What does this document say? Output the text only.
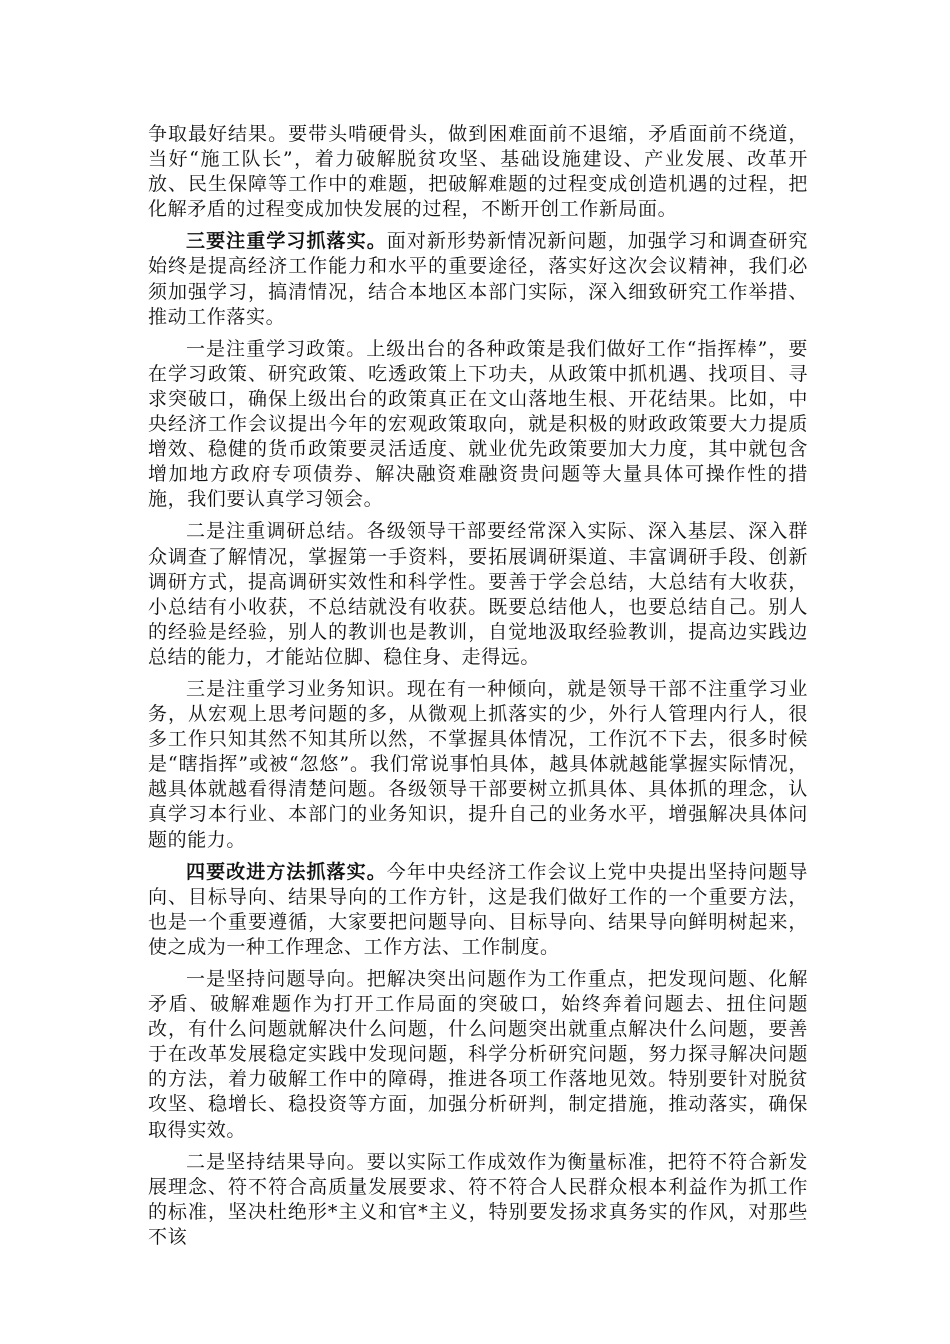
争取最好结果。要带头啃硬骨头，做到困难面前不退缩，矛盾面前不绕道，当好“施工队长”，着力破解脱贫攻坚、基础设施建设、产业发展、改革开放、民生保障等工作中的难题，把破解难题的过程变成创造机遇的过程，把化解矛盾的过程变成加快发展的过程，不断开创工作新局面。

三要注重学习抓落实。面对新形势新情况新问题，加强学习和调查研究始终是提高经济工作能力和水平的重要途径，落实好这次会议精神，我们必须加强学习，搞清情况，结合本地区本部门实际，深入细致研究工作举措、推动工作落实。

一是注重学习政策。上级出台的各种政策是我们做好工作“指挥棒”，要在学习政策、研究政策、吃透政策上下功夫，从政策中抓机遇、找项目、寻求突破口，确保上级出台的政策真正在文山落地生根、开花结果。比如，中央经济工作会议提出今年的宏观政策取向，就是积极的财政政策要大力提质增效、稳健的货币政策要灵活适度、就业优先政策要加大力度，其中就包含增加地方政府专项债券、解决融资难融资贵问题等大量具体可操作性的措施，我们要认真学习领会。

二是注重调研总结。各级领导干部要经常深入实际、深入基层、深入群众调查了解情况，掌握第一手资料，要拓展调研渠道、丰富调研手段、创新调研方式，提高调研实效性和科学性。要善于学会总结，大总结有大收获，小总结有小收获，不总结就没有收获。既要总结他人，也要总结自己。别人的经验是经验，别人的教训也是教训，自觉地汲取经验教训，提高边实践边总结的能力，才能站位脚、稳住身、走得远。

三是注重学习业务知识。现在有一种倾向，就是领导干部不注重学习业务，从宏观上思考问题的多，从微观上抓落实的少，外行人管理内行人，很多工作只知其然不知其所以然，不掌握具体情况，工作沉不下去，很多时候是“瞎指挥”或被“忽悠”。我们常说事怕具体，越具体就越能掌握实际情况，越具体就越看得清楚问题。各级领导干部要树立抓具体、具体抓的理念，认真学习本行业、本部门的业务知识，提升自己的业务水平，增强解决具体问题的能力。

四要改进方法抓落实。今年中央经济工作会议上党中央提出坚持问题导向、目标导向、结果导向的工作方针，这是我们做好工作的一个重要方法，也是一个重要遵循，大家要把问题导向、目标导向、结果导向鲜明树起来，使之成为一种工作理念、工作方法、工作制度。

一是坚持问题导向。把解决突出问题作为工作重点，把发现问题、化解矛盾、破解难题作为打开工作局面的突破口，始终奔着问题去、扭住问题改，有什么问题就解决什么问题，什么问题突出就重点解决什么问题，要善于在改革发展稳定实践中发现问题，科学分析研究问题，努力探寻解决问题的方法，着力破解工作中的障碍，推进各项工作落地见效。特别要针对脱贫攻坚、稳增长、稳投资等方面，加强分析研判，制定措施，推动落实，确保取得实效。

二是坚持结果导向。要以实际工作成效作为衡量标准，把符不符合新发展理念、符不符合高质量发展要求、符不符合人民群众根本利益作为抓工作的标准，坚决杜绝形*主义和官*主义，特别要发扬求真务实的作风，对那些不该
